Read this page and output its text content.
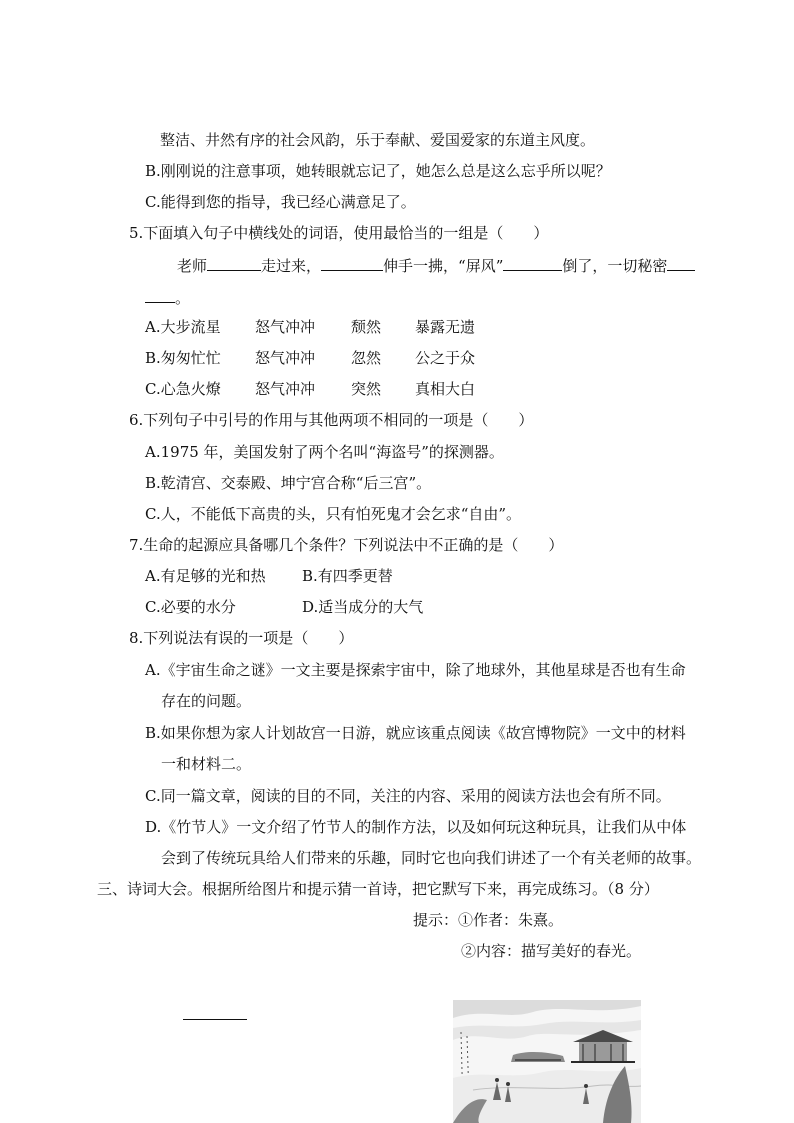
整洁、井然有序的社会风韵，乐于奉献、爱国爱家的东道主风度。
B.刚刚说的注意事项，她转眼就忘记了，她怎么总是这么忘乎所以呢？
C.能得到您的指导，我已经心满意足了。
5.下面填入句子中横线处的词语，使用最恰当的一组是（　　）
老师	走过来，	伸手一拂，“屏风”	倒了，一切秘密
。
A.大步流星 怒气冲冲 颓然 暴露无遗
B.匆匆忙忙 怒气冲冲 忽然 公之于众
C.心急火燎 怒气冲冲 突然 真相大白
6.下列句子中引号的作用与其他两项不相同的一项是（　　）
A.1975 年，美国发射了两个名叫“海盗号”的探测器。
B.乾清宫、交泰殿、坤宁宫合称“后三宫”。
C.人，不能低下高贵的头，只有怕死鬼才会乞求“自由”。
7.生命的起源应具备哪几个条件？下列说法中不正确的是（　　）
A.有足够的光和热 B.有四季更替
C.必要的水分	D.适当成分的大气
8.下列说法有误的一项是（　　）
A.《宇宙生命之谜》一文主要是探索宇宙中，除了地球外，其他星球是否也有生命
存在的问题。
B.如果你想为家人计划故宫一日游，就应该重点阅读《故宫博物院》一文中的材料
一和材料二。
C.同一篇文章，阅读的目的不同，关注的内容、采用的阅读方法也会有所不同。
D.《竹节人》一文介绍了竹节人的制作方法，以及如何玩这种玩具，让我们从中体
会到了传统玩具给人们带来的乐趣，同时它也向我们讲述了一个有关老师的故事。
三、诗词大会。根据所给图片和提示猜一首诗，把它默写下来，再完成练习。（8 分）
提示：①作者：朱熹。
②内容：描写美好的春光。
